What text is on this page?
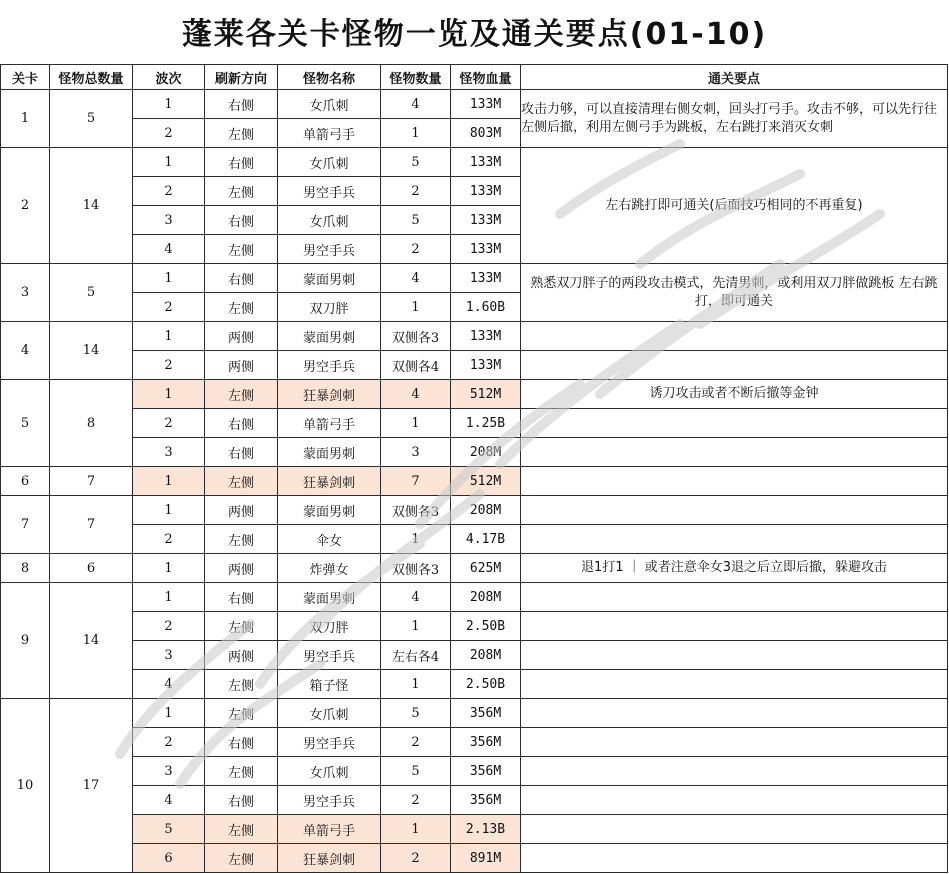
蓬莱各关卡怪物一览及通关要点(01-10)
关卡	怪物总数量	波次	刷新方向	怪物名称	怪物数量	怪物血量	通关要点
1	5	1	右侧	女爪刺	4	133M	攻击力够，可以直接清理右侧女刺，回头打弓手。攻击不够，可以先行往左侧后撤，利用左侧弓手为跳板，左右跳打来消灭女刺
		2	左侧	单箭弓手	1	803M	
2	14	1	右侧	女爪刺	5	133M	左右跳打即可通关(后面技巧相同的不再重复)
		2	左侧	男空手兵	2	133M	
		3	右侧	女爪刺	5	133M	
		4	左侧	男空手兵	2	133M	
3	5	1	右侧	蒙面男刺	4	133M	熟悉双刀胖子的两段攻击模式，先清男刺，或利用双刀胖做跳板 左右跳打，即可通关
		2	左侧	双刀胖	1	1.60B	
4	14	1	两侧	蒙面男刺	双侧各3	133M	
		2	两侧	男空手兵	双侧各4	133M	
5	8	1	左侧	狂暴剑刺	4	512M	诱刀攻击或者不断后撤等金钟
		2	右侧	单箭弓手	1	1.25B	
		3	右侧	蒙面男刺	3	208M	
6	7	1	左侧	狂暴剑刺	7	512M	
7	7	1	两侧	蒙面男刺	双侧各3	208M	
		2	左侧	伞女	1	4.17B	
8	6	1	两侧	炸弹女	双侧各3	625M	退1打1 ｜ 或者注意伞女3退之后立即后撤，躲避攻击
9	14	1	右侧	蒙面男刺	4	208M	
		2	左侧	双刀胖	1	2.50B	
		3	两侧	男空手兵	左右各4	208M	
		4	左侧	箱子怪	1	2.50B	
10	17	1	左侧	女爪刺	5	356M	
		2	右侧	男空手兵	2	356M	
		3	左侧	女爪刺	5	356M	
		4	右侧	男空手兵	2	356M	
		5	左侧	单箭弓手	1	2.13B	
		6	左侧	狂暴剑刺	2	891M	
